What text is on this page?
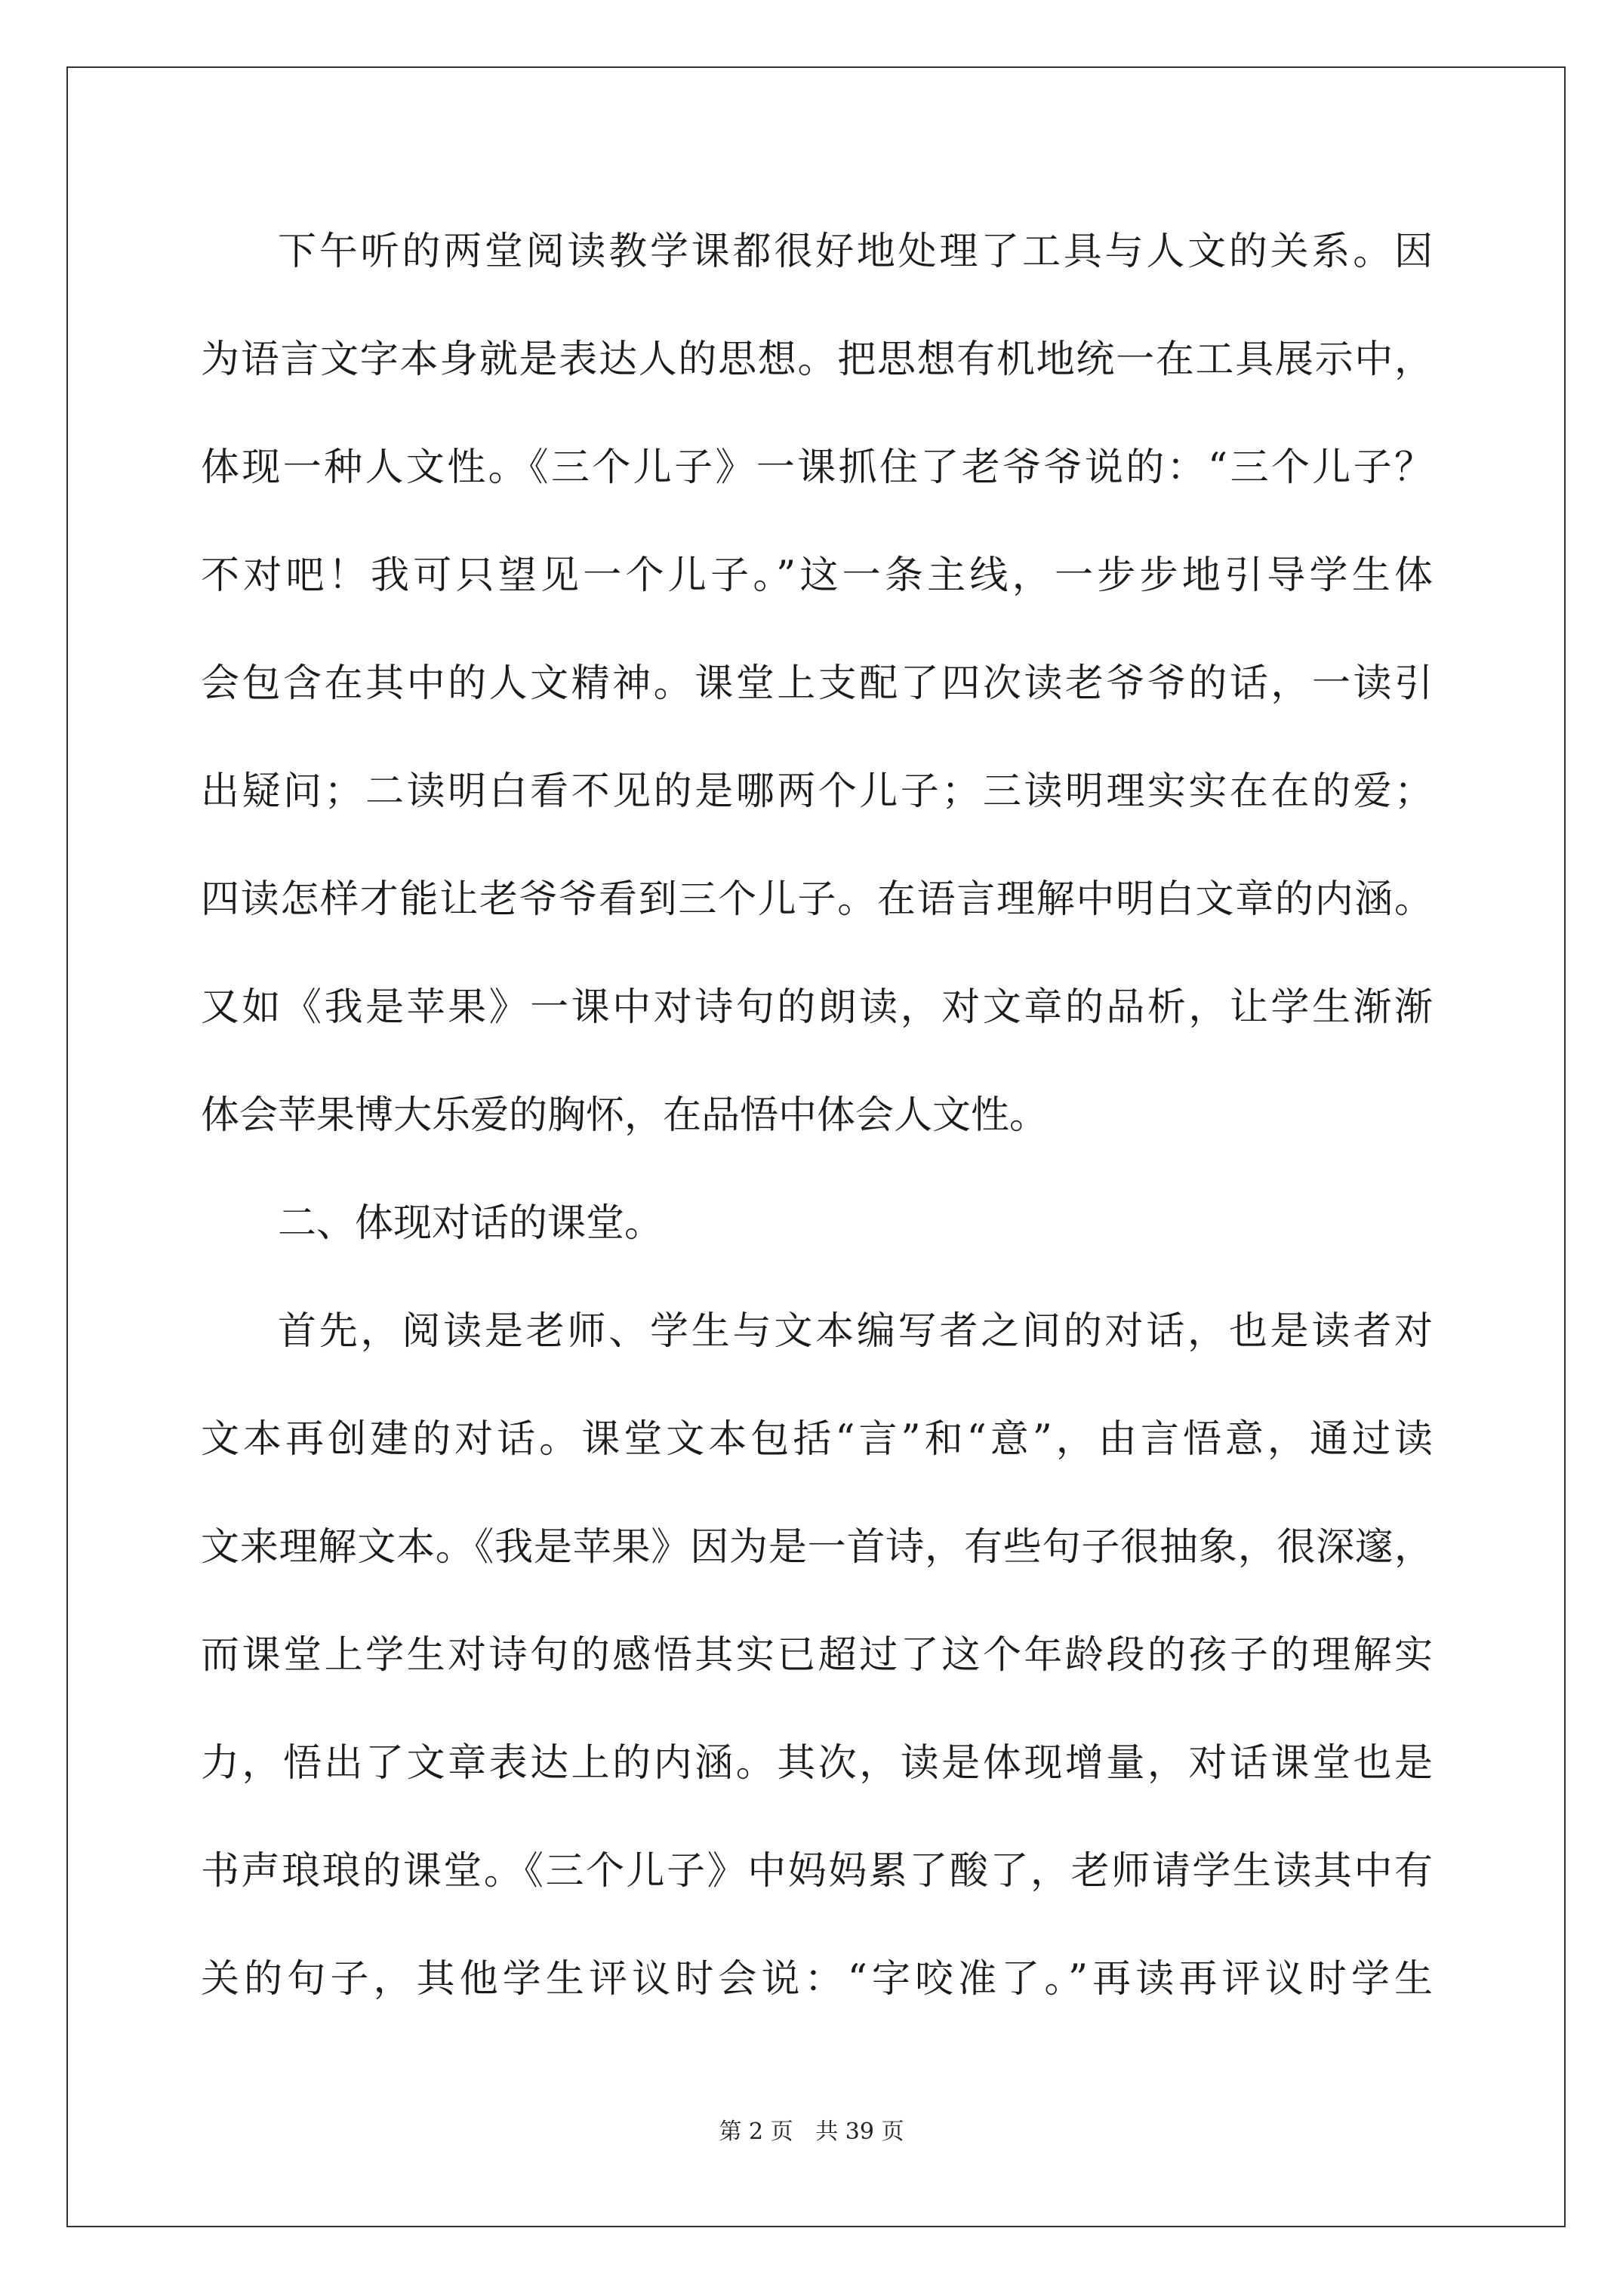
下午听的两堂阅读教学课都很好地处理了工具与人文的关系。因
为语言文字本身就是表达人的思想。把思想有机地统一在工具展示中，
体现一种人文性。《三个儿子》一课抓住了老爷爷说的：“三个儿子？
不对吧！我可只望见一个儿子。”这一条主线，一步步地引导学生体
会包含在其中的人文精神。课堂上支配了四次读老爷爷的话，一读引
出疑问；二读明白看不见的是哪两个儿子；三读明理实实在在的爱；
四读怎样才能让老爷爷看到三个儿子。在语言理解中明白文章的内涵。
又如《我是苹果》一课中对诗句的朗读，对文章的品析，让学生渐渐
体会苹果博大乐爱的胸怀，在品悟中体会人文性。
二、体现对话的课堂。
首先，阅读是老师、学生与文本编写者之间的对话，也是读者对
文本再创建的对话。课堂文本包括“言”和“意”，由言悟意，通过读
文来理解文本。《我是苹果》因为是一首诗，有些句子很抽象，很深邃，
而课堂上学生对诗句的感悟其实已超过了这个年龄段的孩子的理解实
力，悟出了文章表达上的内涵。其次，读是体现增量，对话课堂也是
书声琅琅的课堂。《三个儿子》中妈妈累了酸了，老师请学生读其中有
关的句子，其他学生评议时会说：“字咬准了。”再读再评议时学生
第 2 页 共 39 页
